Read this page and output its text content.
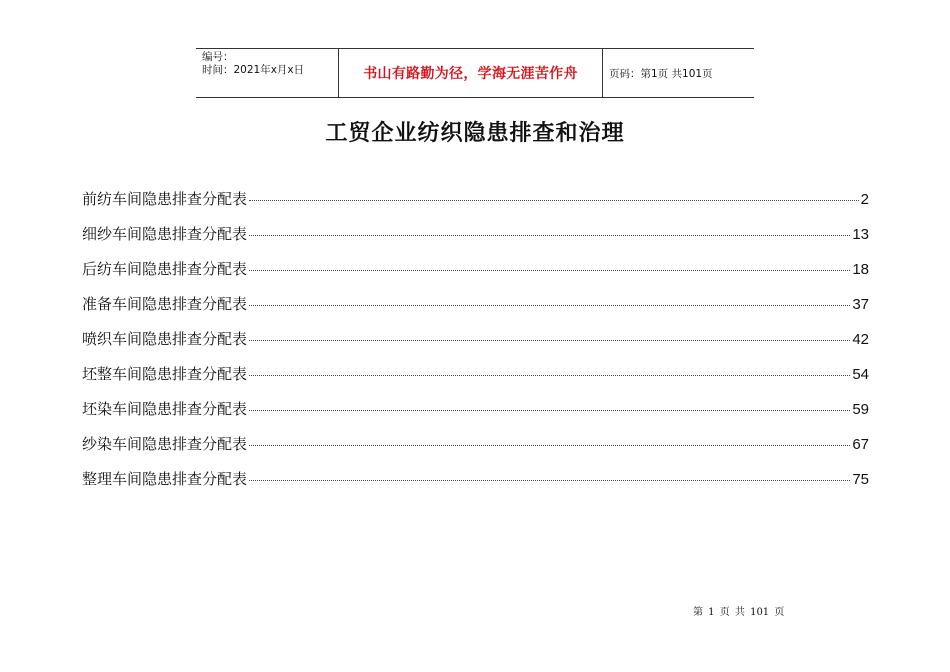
编号：
时间：2021年x月x日	书山有路勤为径，学海无涯苦作舟	页码：第1页 共101页
工贸企业纺织隐患排查和治理
前纺车间隐患排查分配表	2
细纱车间隐患排查分配表	13
后纺车间隐患排查分配表	18
准备车间隐患排查分配表	37
喷织车间隐患排查分配表	42
坯整车间隐患排查分配表	54
坯染车间隐患排查分配表	59
纱染车间隐患排查分配表	67
整理车间隐患排查分配表	75
第 1 页 共 101 页
